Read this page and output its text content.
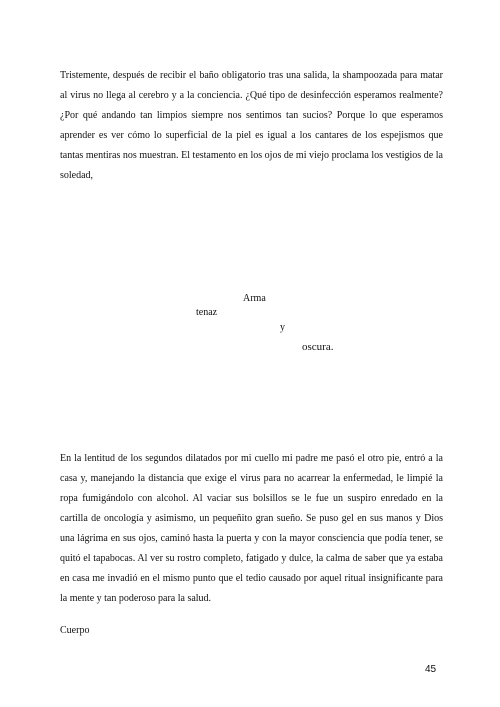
Tristemente, después de recibir el baño obligatorio tras una salida, la shampoozada para matar al virus no llega al cerebro y a la conciencia. ¿Qué tipo de desinfección esperamos realmente? ¿Por qué andando tan limpios siempre nos sentimos tan sucios? Porque lo que esperamos aprender es ver cómo lo superficial de la piel es igual a los cantares de los espejismos que tantas mentiras nos muestran. El testamento en los ojos de mi viejo proclama los vestigios de la soledad,

Arma
tenaz
y
oscura.

En la lentitud de los segundos dilatados por mi cuello mi padre me pasó el otro pie, entró a la casa y, manejando la distancia que exige el virus para no acarrear la enfermedad, le limpié la ropa fumigándolo con alcohol. Al vaciar sus bolsillos se le fue un suspiro enredado en la cartilla de oncología y asimismo, un pequeñito gran sueño. Se puso gel en sus manos y Dios una lágrima en sus ojos, caminó hasta la puerta y con la mayor consciencia que podía tener, se quitó el tapabocas. Al ver su rostro completo, fatigado y dulce, la calma de saber que ya estaba en casa me invadió en el mismo punto que el tedio causado por aquel ritual insignificante para la mente y tan poderoso para la salud.

Cuerpo
45
